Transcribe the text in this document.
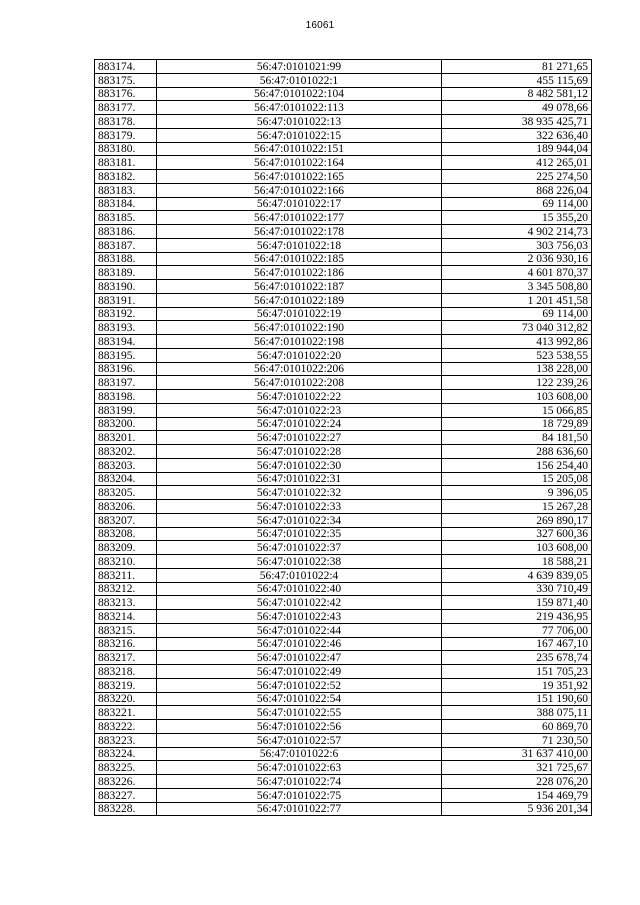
16061
883174.	56:47:0101021:99	81 271,65
883175.	56:47:0101022:1	455 115,69
883176.	56:47:0101022:104	8 482 581,12
883177.	56:47:0101022:113	49 078,66
883178.	56:47:0101022:13	38 935 425,71
883179.	56:47:0101022:15	322 636,40
883180.	56:47:0101022:151	189 944,04
883181.	56:47:0101022:164	412 265,01
883182.	56:47:0101022:165	225 274,50
883183.	56:47:0101022:166	868 226,04
883184.	56:47:0101022:17	69 114,00
883185.	56:47:0101022:177	15 355,20
883186.	56:47:0101022:178	4 902 214,73
883187.	56:47:0101022:18	303 756,03
883188.	56:47:0101022:185	2 036 930,16
883189.	56:47:0101022:186	4 601 870,37
883190.	56:47:0101022:187	3 345 508,80
883191.	56:47:0101022:189	1 201 451,58
883192.	56:47:0101022:19	69 114,00
883193.	56:47:0101022:190	73 040 312,82
883194.	56:47:0101022:198	413 992,86
883195.	56:47:0101022:20	523 538,55
883196.	56:47:0101022:206	138 228,00
883197.	56:47:0101022:208	122 239,26
883198.	56:47:0101022:22	103 608,00
883199.	56:47:0101022:23	15 066,85
883200.	56:47:0101022:24	18 729,89
883201.	56:47:0101022:27	84 181,50
883202.	56:47:0101022:28	288 636,60
883203.	56:47:0101022:30	156 254,40
883204.	56:47:0101022:31	15 205,08
883205.	56:47:0101022:32	9 396,05
883206.	56:47:0101022:33	15 267,28
883207.	56:47:0101022:34	269 890,17
883208.	56:47:0101022:35	327 600,36
883209.	56:47:0101022:37	103 608,00
883210.	56:47:0101022:38	18 588,21
883211.	56:47:0101022:4	4 639 839,05
883212.	56:47:0101022:40	330 710,49
883213.	56:47:0101022:42	159 871,40
883214.	56:47:0101022:43	219 436,95
883215.	56:47:0101022:44	77 706,00
883216.	56:47:0101022:46	167 467,10
883217.	56:47:0101022:47	235 678,74
883218.	56:47:0101022:49	151 705,23
883219.	56:47:0101022:52	19 351,92
883220.	56:47:0101022:54	151 190,60
883221.	56:47:0101022:55	388 075,11
883222.	56:47:0101022:56	60 869,70
883223.	56:47:0101022:57	71 230,50
883224.	56:47:0101022:6	31 637 410,00
883225.	56:47:0101022:63	321 725,67
883226.	56:47:0101022:74	228 076,20
883227.	56:47:0101022:75	154 469,79
883228.	56:47:0101022:77	5 936 201,34
